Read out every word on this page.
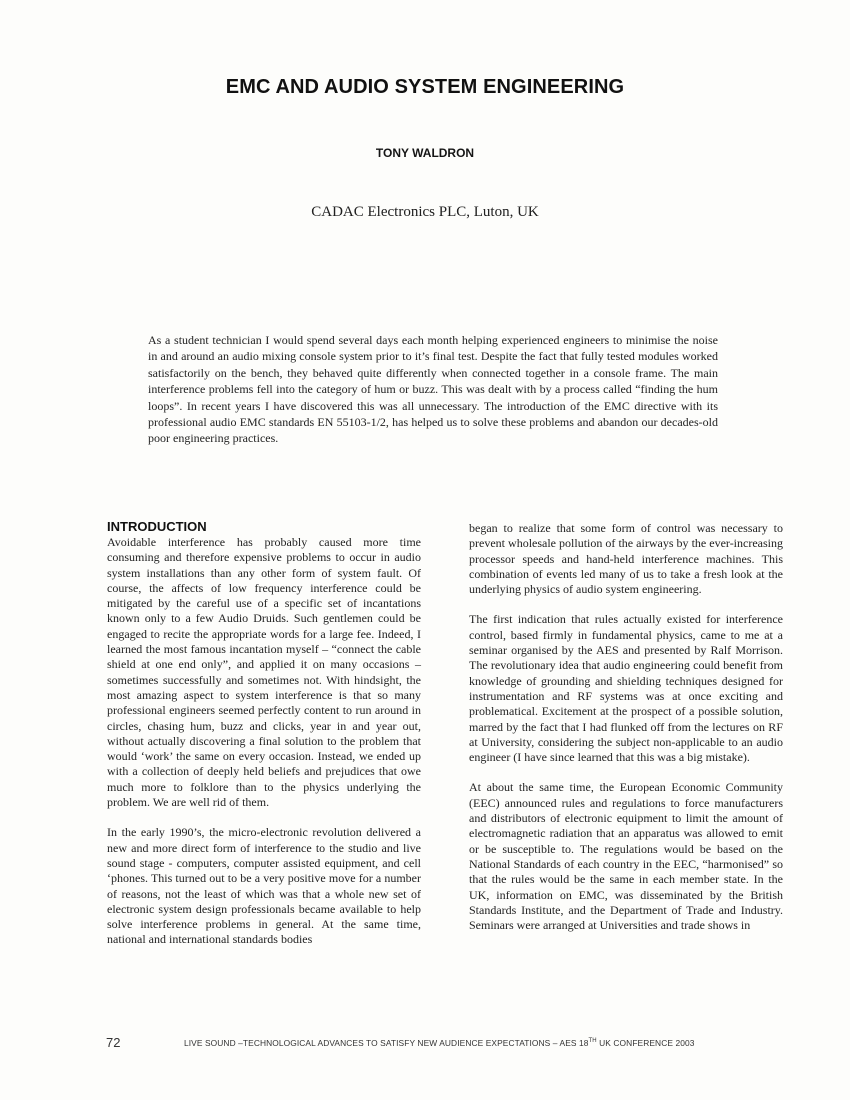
EMC AND AUDIO SYSTEM ENGINEERING
TONY WALDRON
CADAC Electronics PLC, Luton, UK

As a student technician I would spend several days each month helping experienced engineers to minimise the noise in and around an audio mixing console system prior to it’s final test. Despite the fact that fully tested modules worked satisfactorily on the bench, they behaved quite differently when connected together in a console frame. The main interference problems fell into the category of hum or buzz. This was dealt with by a process called “finding the hum loops”. In recent years I have discovered this was all unnecessary. The introduction of the EMC directive with its professional audio EMC standards EN 55103-1/2, has helped us to solve these problems and abandon our decades-old poor engineering practices.

INTRODUCTION

Avoidable interference has probably caused more time consuming and therefore expensive problems to occur in audio system installations than any other form of system fault. Of course, the affects of low frequency interference could be mitigated by the careful use of a specific set of incantations known only to a few Audio Druids. Such gentlemen could be engaged to recite the appropriate words for a large fee. Indeed, I learned the most famous incantation myself – “connect the cable shield at one end only”, and applied it on many occasions – sometimes successfully and sometimes not. With hindsight, the most amazing aspect to system interference is that so many professional engineers seemed perfectly content to run around in circles, chasing hum, buzz and clicks, year in and year out, without actually discovering a final solution to the problem that would ‘work’ the same on every occasion. Instead, we ended up with a collection of deeply held beliefs and prejudices that owe much more to folklore than to the physics underlying the problem. We are well rid of them.

In the early 1990’s, the micro-electronic revolution delivered a new and more direct form of interference to the studio and live sound stage - computers, computer assisted equipment, and cell ‘phones. This turned out to be a very positive move for a number of reasons, not the least of which was that a whole new set of electronic system design professionals became available to help solve interference problems in general. At the same time, national and international standards bodies

began to realize that some form of control was necessary to prevent wholesale pollution of the airways by the ever-increasing processor speeds and hand-held interference machines. This combination of events led many of us to take a fresh look at the underlying physics of audio system engineering.

The first indication that rules actually existed for interference control, based firmly in fundamental physics, came to me at a seminar organised by the AES and presented by Ralf Morrison. The revolutionary idea that audio engineering could benefit from knowledge of grounding and shielding techniques designed for instrumentation and RF systems was at once exciting and problematical. Excitement at the prospect of a possible solution, marred by the fact that I had flunked off from the lectures on RF at University, considering the subject non-applicable to an audio engineer (I have since learned that this was a big mistake).

At about the same time, the European Economic Community (EEC) announced rules and regulations to force manufacturers and distributors of electronic equipment to limit the amount of electromagnetic radiation that an apparatus was allowed to emit or be susceptible to. The regulations would be based on the National Standards of each country in the EEC, “harmonised” so that the rules would be the same in each member state. In the UK, information on EMC, was disseminated by the British Standards Institute, and the Department of Trade and Industry. Seminars were arranged at Universities and trade shows in

72	LIVE SOUND –TECHNOLOGICAL ADVANCES TO SATISFY NEW AUDIENCE EXPECTATIONS – AES 18TH UK CONFERENCE 2003
